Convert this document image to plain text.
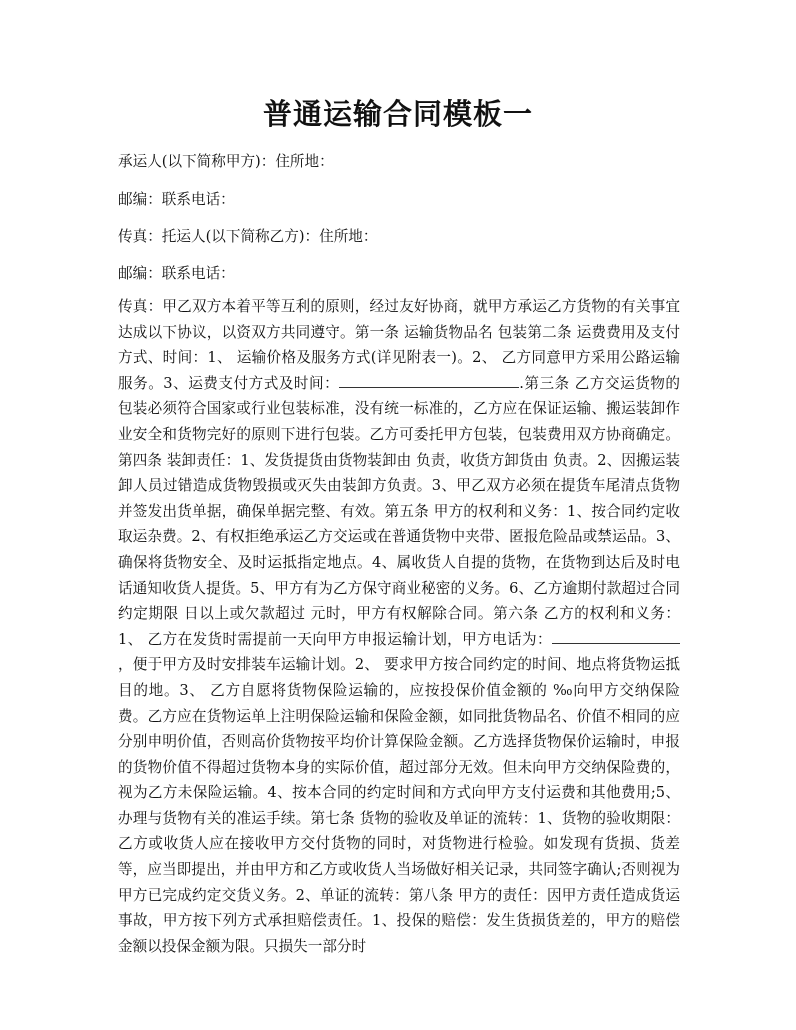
普通运输合同模板一

承运人(以下简称甲方)：住所地：

邮编：联系电话：

传真：托运人(以下简称乙方)：住所地：

邮编：联系电话：

传真：甲乙双方本着平等互利的原则，经过友好协商，就甲方承运乙方货物的有关事宜达成以下协议，以资双方共同遵守。第一条 运输货物品名 包装第二条 运费费用及支付方式、时间：1、 运输价格及服务方式(详见附表一)。2、 乙方同意甲方采用公路运输服务。3、运费支付方式及时间：	.第三条 乙方交运货物的包装必须符合国家或行业包装标准，没有统一标准的，乙方应在保证运输、搬运装卸作业安全和货物完好的原则下进行包装。乙方可委托甲方包装，包装费用双方协商确定。第四条 装卸责任：1、发货提货由货物装卸由 负责，收货方卸货由 负责。2、因搬运装卸人员过错造成货物毁损或灭失由装卸方负责。3、甲乙双方必须在提货车尾清点货物并签发出货单据，确保单据完整、有效。第五条 甲方的权利和义务：1、按合同约定收取运杂费。2、有权拒绝承运乙方交运或在普通货物中夹带、匿报危险品或禁运品。3、确保将货物安全、及时运抵指定地点。4、属收货人自提的货物，在货物到达后及时电话通知收货人提货。5、甲方有为乙方保守商业秘密的义务。6、乙方逾期付款超过合同约定期限 日以上或欠款超过 元时，甲方有权解除合同。第六条 乙方的权利和义务：1、 乙方在发货时需提前一天向甲方申报运输计划，甲方电话为：，便于甲方及时安排装车运输计划。2、 要求甲方按合同约定的时间、地点将货物运抵目的地。3、 乙方自愿将货物保险运输的，应按投保价值金额的 ‰向甲方交纳保险费。乙方应在货物运单上注明保险运输和保险金额，如同批货物品名、价值不相同的应分别申明价值，否则高价货物按平均价计算保险金额。乙方选择货物保价运输时，申报的货物价值不得超过货物本身的实际价值，超过部分无效。但未向甲方交纳保险费的，视为乙方未保险运输。4、按本合同的约定时间和方式向甲方支付运费和其他费用;5、办理与货物有关的准运手续。第七条 货物的验收及单证的流转：1、货物的验收期限：乙方或收货人应在接收甲方交付货物的同时，对货物进行检验。如发现有货损、货差等，应当即提出，并由甲方和乙方或收货人当场做好相关记录，共同签字确认;否则视为甲方已完成约定交货义务。2、单证的流转：第八条 甲方的责任：因甲方责任造成货运事故，甲方按下列方式承担赔偿责任。1、投保的赔偿：发生货损货差的，甲方的赔偿金额以投保金额为限。只损失一部分时
